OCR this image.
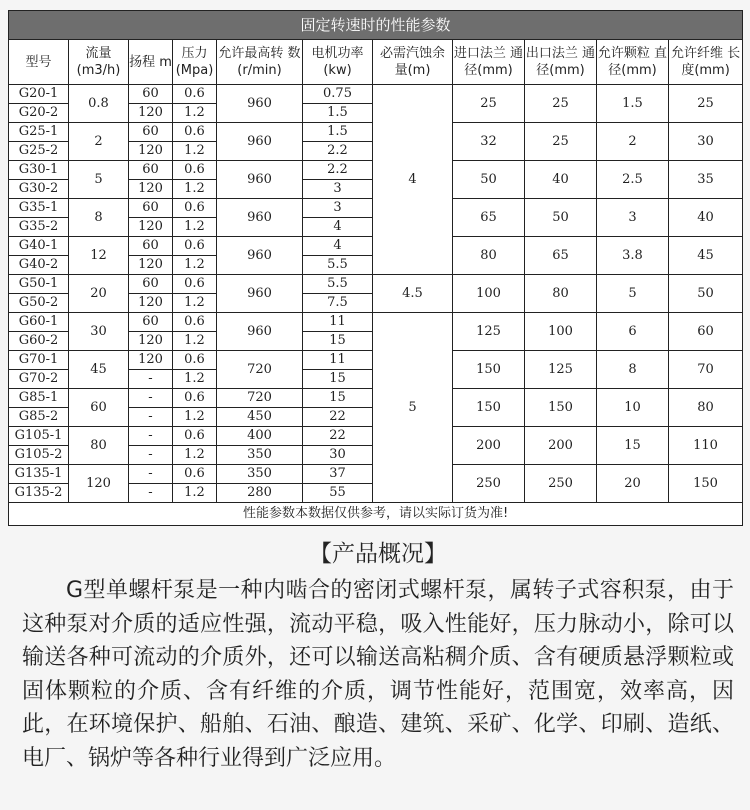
固定转速时的性能参数										
型号	流量 (m3/h)	扬程 m	压力 (Mpa)	允许最高转 数 (r/min)	电机功率 (kw)	必需汽蚀余 量(m)	进口法兰 通径(mm)	出口法兰 通径(mm)	允许颗粒 直径(mm)	允许纤维 长度(mm)
G20-1	0.8	60	0.6	960	0.75	4	25	25	1.5	25
G20-2		120	1.2		1.5					
G25-1	2	60	0.6	960	1.5		32	25	2	30
G25-2		120	1.2		2.2					
G30-1	5	60	0.6	960	2.2		50	40	2.5	35
G30-2		120	1.2		3					
G35-1	8	60	0.6	960	3		65	50	3	40
G35-2		120	1.2		4					
G40-1	12	60	0.6	960	4		80	65	3.8	45
G40-2		120	1.2		5.5					
G50-1	20	60	0.6	960	5.5	4.5	100	80	5	50
G50-2		120	1.2		7.5					
G60-1	30	60	0.6	960	11	5	125	100	6	60
G60-2		120	1.2		15					
G70-1	45	120	0.6	720	11		150	125	8	70
G70-2		-	1.2		15					
G85-1	60	-	0.6	720	15		150	150	10	80
G85-2		-	1.2	450	22					
G105-1	80	-	0.6	400	22		200	200	15	110
G105-2		-	1.2	350	30					
G135-1	120	-	0.6	350	37		250	250	20	150
G135-2		-	1.2	280	55					
性能参数本数据仅供参考，请以实际订货为准!										
【产品概况】

G型单螺杆泵是一种内啮合的密闭式螺杆泵，属转子式容积泵，由于这种泵对介质的适应性强，流动平稳，吸入性能好，压力脉动小，除可以输送各种可流动的介质外，还可以输送高粘稠介质、含有硬质悬浮颗粒或固体颗粒的介质、含有纤维的介质，调节性能好，范围宽，效率高，因此，在环境保护、船舶、石油、酿造、建筑、采矿、化学、印刷、造纸、电厂、锅炉等各种行业得到广泛应用。
